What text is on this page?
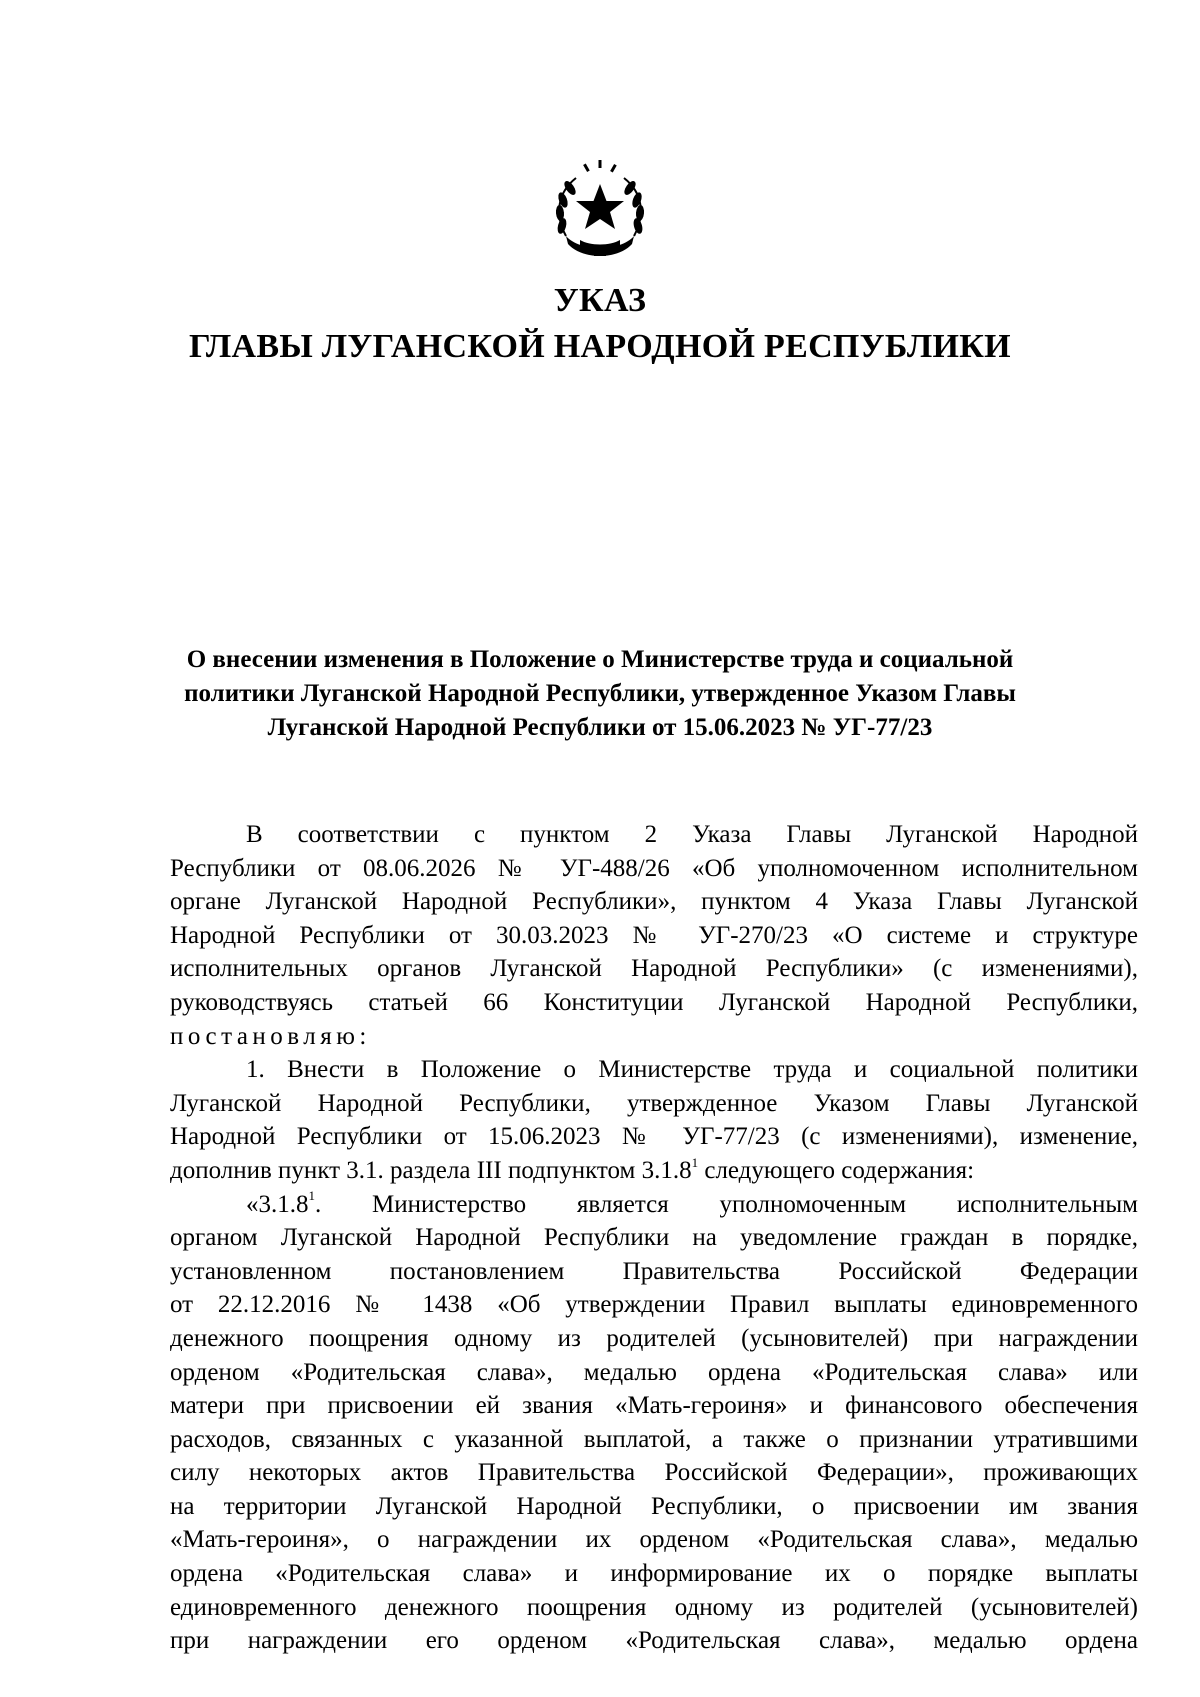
УКАЗ
ГЛАВЫ ЛУГАНСКОЙ НАРОДНОЙ РЕСПУБЛИКИ
О внесении изменения в Положение о Министерстве труда и социальной
политики Луганской Народной Республики, утвержденное Указом Главы
Луганской Народной Республики от 15.06.2023 № УГ-77/23
В соответствии с пунктом 2 Указа Главы Луганской Народной
Республики от 08.06.2026 № УГ-488/26 «Об уполномоченном исполнительном
органе Луганской Народной Республики», пунктом 4 Указа Главы Луганской
Народной Республики от 30.03.2023 № УГ-270/23 «О системе и структуре
исполнительных органов Луганской Народной Республики» (с изменениями),
руководствуясь статьей 66 Конституции Луганской Народной Республики,
постановляю:
1. Внести в Положение о Министерстве труда и социальной политики
Луганской Народной Республики, утвержденное Указом Главы Луганской
Народной Республики от 15.06.2023 № УГ-77/23 (с изменениями), изменение,
дополнив пункт 3.1. раздела III подпунктом 3.1.8$^1$ следующего содержания:
«3.1.8$^1$. Министерство является уполномоченным исполнительным
органом Луганской Народной Республики на уведомление граждан в порядке,
установленном постановлением Правительства Российской Федерации
от 22.12.2016 № 1438 «Об утверждении Правил выплаты единовременного
денежного поощрения одному из родителей (усыновителей) при награждении
орденом «Родительская слава», медалью ордена «Родительская слава» или
матери при присвоении ей звания «Мать-героиня» и финансового обеспечения
расходов, связанных с указанной выплатой, а также о признании утратившими
силу некоторых актов Правительства Российской Федерации», проживающих
на территории Луганской Народной Республики, о присвоении им звания
«Мать-героиня», о награждении их орденом «Родительская слава», медалью
ордена «Родительская слава» и информирование их о порядке выплаты
единовременного денежного поощрения одному из родителей (усыновителей)
при награждении его орденом «Родительская слава», медалью ордена
